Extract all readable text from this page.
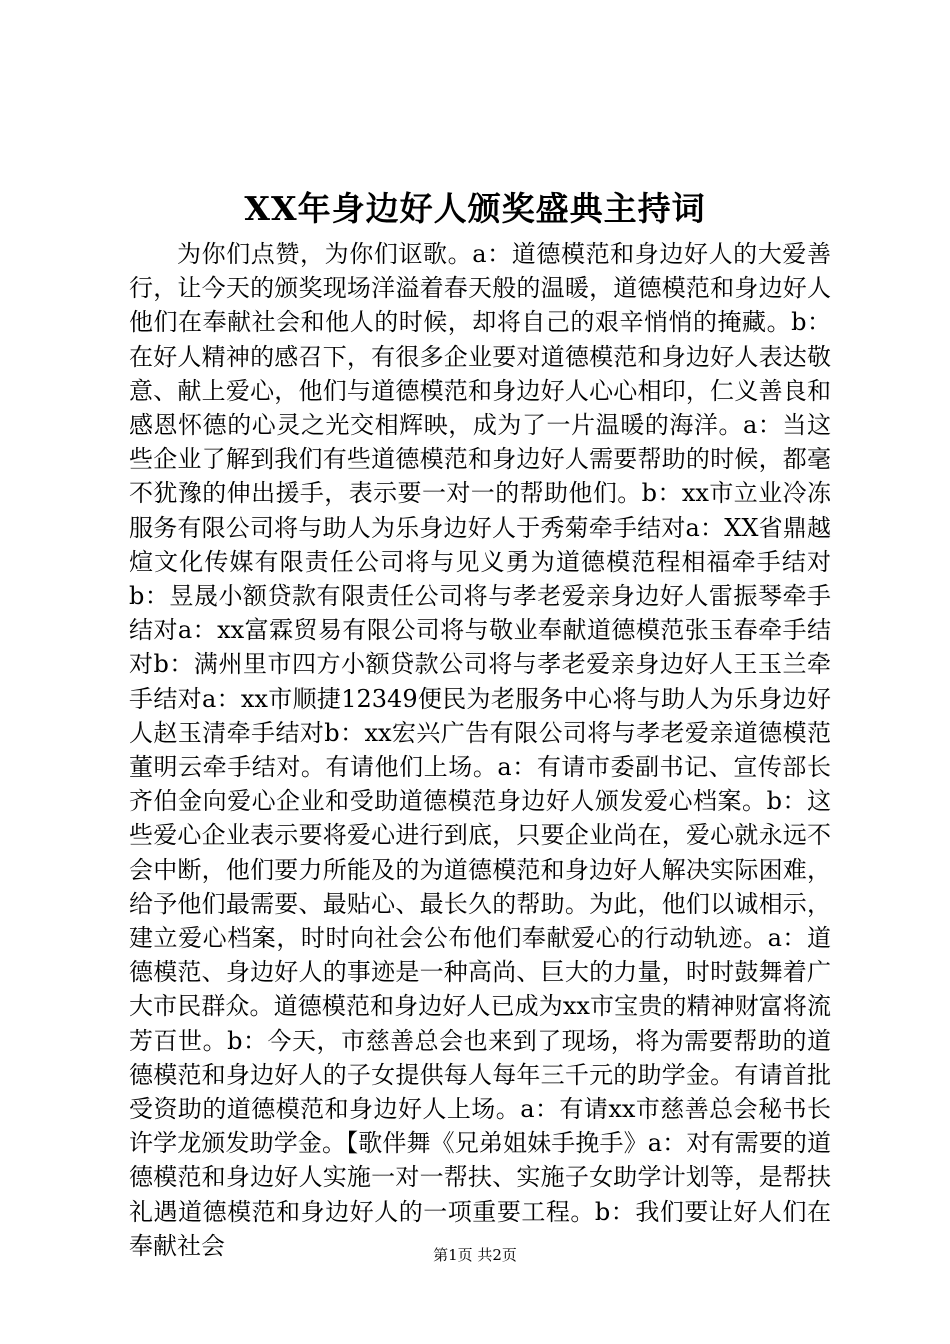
XX年身边好人颁奖盛典主持词

为你们点赞，为你们讴歌。a：道德模范和身边好人的大爱善行，让今天的颁奖现场洋溢着春天般的温暖，道德模范和身边好人他们在奉献社会和他人的时候，却将自己的艰辛悄悄的掩藏。b：在好人精神的感召下，有很多企业要对道德模范和身边好人表达敬意、献上爱心，他们与道德模范和身边好人心心相印，仁义善良和感恩怀德的心灵之光交相辉映，成为了一片温暖的海洋。a：当这些企业了解到我们有些道德模范和身边好人需要帮助的时候，都毫不犹豫的伸出援手，表示要一对一的帮助他们。b：xx市立业冷冻服务有限公司将与助人为乐身边好人于秀菊牵手结对a：XX省鼎越煊文化传媒有限责任公司将与见义勇为道德模范程相福牵手结对b：昱晟小额贷款有限责任公司将与孝老爱亲身边好人雷振琴牵手结对a：xx富霖贸易有限公司将与敬业奉献道德模范张玉春牵手结对b：满州里市四方小额贷款公司将与孝老爱亲身边好人王玉兰牵手结对a：xx市顺捷12349便民为老服务中心将与助人为乐身边好人赵玉清牵手结对b：xx宏兴广告有限公司将与孝老爱亲道德模范董明云牵手结对。有请他们上场。a：有请市委副书记、宣传部长齐伯金向爱心企业和受助道德模范身边好人颁发爱心档案。b：这些爱心企业表示要将爱心进行到底，只要企业尚在，爱心就永远不会中断，他们要力所能及的为道德模范和身边好人解决实际困难，给予他们最需要、最贴心、最长久的帮助。为此，他们以诚相示，建立爱心档案，时时向社会公布他们奉献爱心的行动轨迹。a：道德模范、身边好人的事迹是一种高尚、巨大的力量，时时鼓舞着广大市民群众。道德模范和身边好人已成为xx市宝贵的精神财富将流芳百世。b：今天，市慈善总会也来到了现场，将为需要帮助的道德模范和身边好人的子女提供每人每年三千元的助学金。有请首批受资助的道德模范和身边好人上场。a：有请xx市慈善总会秘书长许学龙颁发助学金。【歌伴舞《兄弟姐妹手挽手》a：对有需要的道德模范和身边好人实施一对一帮扶、实施子女助学计划等，是帮扶礼遇道德模范和身边好人的一项重要工程。b：我们要让好人们在奉献社会	第1页 共2页
